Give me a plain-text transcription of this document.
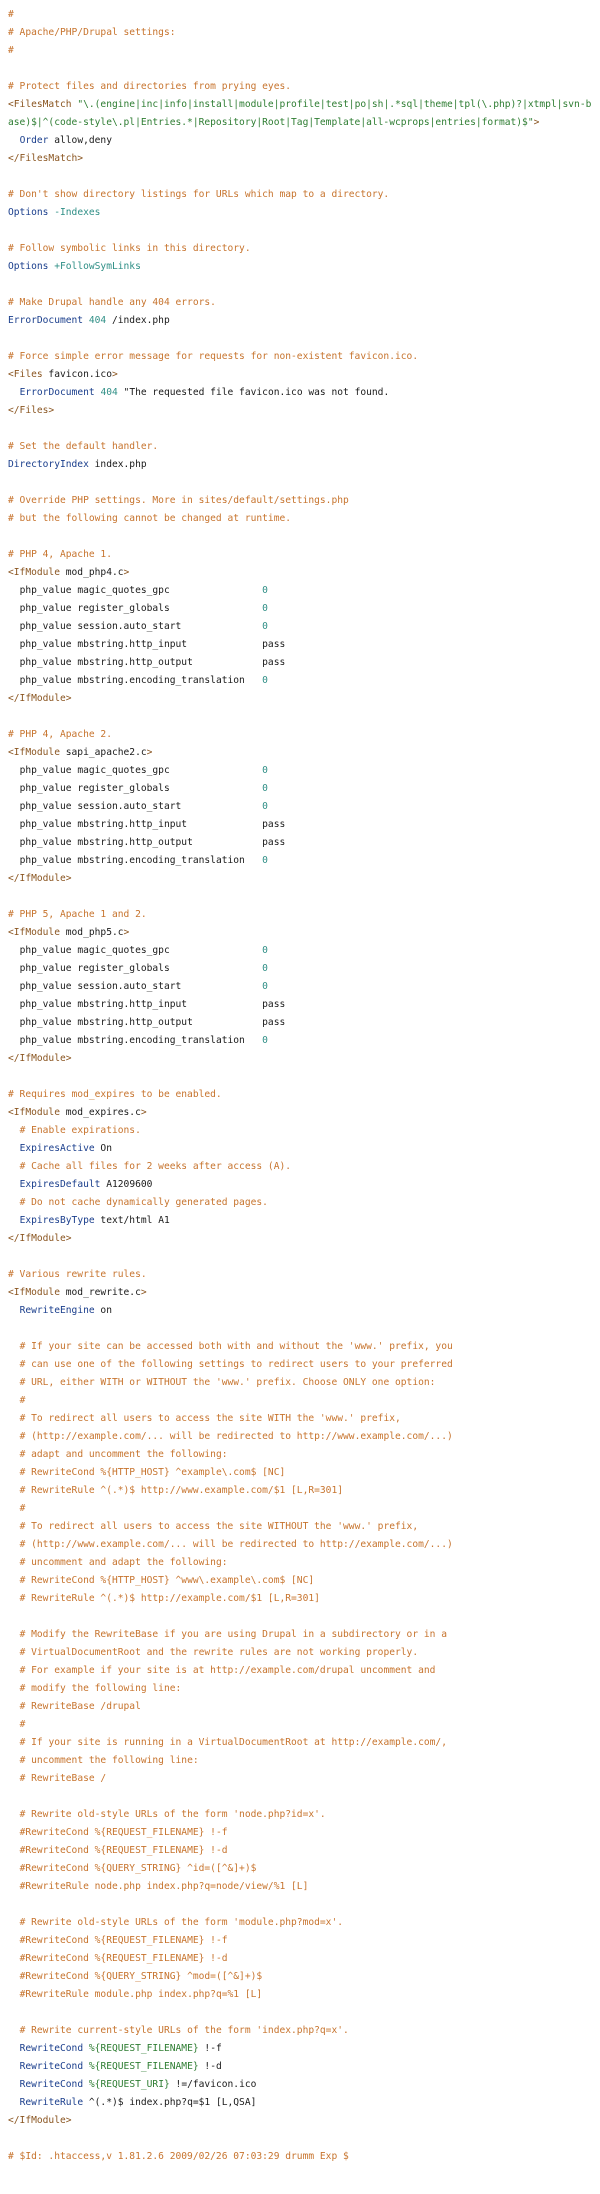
#
# Apache/PHP/Drupal settings:
#
# Protect files and directories from prying eyes.
<FilesMatch "\.(engine|inc|info|install|module|profile|test|po|sh|.*sql|theme|tpl(\.php)?|xtmpl|svn-base)$|^(code-style\.pl|Entries.*|Repository|Root|Tag|Template|all-wcprops|entries|format)$">
Order allow,deny
</FilesMatch>
# Don't show directory listings for URLs which map to a directory.
Options -Indexes
# Follow symbolic links in this directory.
Options +FollowSymLinks
# Make Drupal handle any 404 errors.
ErrorDocument 404 /index.php
# Force simple error message for requests for non-existent favicon.ico.
<Files favicon.ico>
ErrorDocument 404 "The requested file favicon.ico was not found.
</Files>
# Set the default handler.
DirectoryIndex index.php
# Override PHP settings. More in sites/default/settings.php
# but the following cannot be changed at runtime.
# PHP 4, Apache 1.
<IfModule mod_php4.c>
php_value magic_quotes_gpc                0
php_value register_globals                0
php_value session.auto_start              0
php_value mbstring.http_input             pass
php_value mbstring.http_output            pass
php_value mbstring.encoding_translation   0
</IfModule>
# PHP 4, Apache 2.
<IfModule sapi_apache2.c>
php_value magic_quotes_gpc                0
php_value register_globals                0
php_value session.auto_start              0
php_value mbstring.http_input             pass
php_value mbstring.http_output            pass
php_value mbstring.encoding_translation   0
</IfModule>
# PHP 5, Apache 1 and 2.
<IfModule mod_php5.c>
php_value magic_quotes_gpc                0
php_value register_globals                0
php_value session.auto_start              0
php_value mbstring.http_input             pass
php_value mbstring.http_output            pass
php_value mbstring.encoding_translation   0
</IfModule>
# Requires mod_expires to be enabled.
<IfModule mod_expires.c>
# Enable expirations.
ExpiresActive On
# Cache all files for 2 weeks after access (A).
ExpiresDefault A1209600
# Do not cache dynamically generated pages.
ExpiresByType text/html A1
</IfModule>
# Various rewrite rules.
<IfModule mod_rewrite.c>
RewriteEngine on
# If your site can be accessed both with and without the 'www.' prefix, you
# can use one of the following settings to redirect users to your preferred
# URL, either WITH or WITHOUT the 'www.' prefix. Choose ONLY one option:
#
# To redirect all users to access the site WITH the 'www.' prefix,
# (http://example.com/... will be redirected to http://www.example.com/...)
# adapt and uncomment the following:
# RewriteCond %{HTTP_HOST} ^example\.com$ [NC]
# RewriteRule ^(.*)$ http://www.example.com/$1 [L,R=301]
#
# To redirect all users to access the site WITHOUT the 'www.' prefix,
# (http://www.example.com/... will be redirected to http://example.com/...)
# uncomment and adapt the following:
# RewriteCond %{HTTP_HOST} ^www\.example\.com$ [NC]
# RewriteRule ^(.*)$ http://example.com/$1 [L,R=301]
# Modify the RewriteBase if you are using Drupal in a subdirectory or in a
# VirtualDocumentRoot and the rewrite rules are not working properly.
# For example if your site is at http://example.com/drupal uncomment and
# modify the following line:
# RewriteBase /drupal
#
# If your site is running in a VirtualDocumentRoot at http://example.com/,
# uncomment the following line:
# RewriteBase /
# Rewrite old-style URLs of the form 'node.php?id=x'.
#RewriteCond %{REQUEST_FILENAME} !-f
#RewriteCond %{REQUEST_FILENAME} !-d
#RewriteCond %{QUERY_STRING} ^id=([^&]+)$
#RewriteRule node.php index.php?q=node/view/%1 [L]
# Rewrite old-style URLs of the form 'module.php?mod=x'.
#RewriteCond %{REQUEST_FILENAME} !-f
#RewriteCond %{REQUEST_FILENAME} !-d
#RewriteCond %{QUERY_STRING} ^mod=([^&]+)$
#RewriteRule module.php index.php?q=%1 [L]
# Rewrite current-style URLs of the form 'index.php?q=x'.
RewriteCond %{REQUEST_FILENAME} !-f
RewriteCond %{REQUEST_FILENAME} !-d
RewriteCond %{REQUEST_URI} !=/favicon.ico
RewriteRule ^(.*)$ index.php?q=$1 [L,QSA]
</IfModule>
# $Id: .htaccess,v 1.81.2.6 2009/02/26 07:03:29 drumm Exp $
